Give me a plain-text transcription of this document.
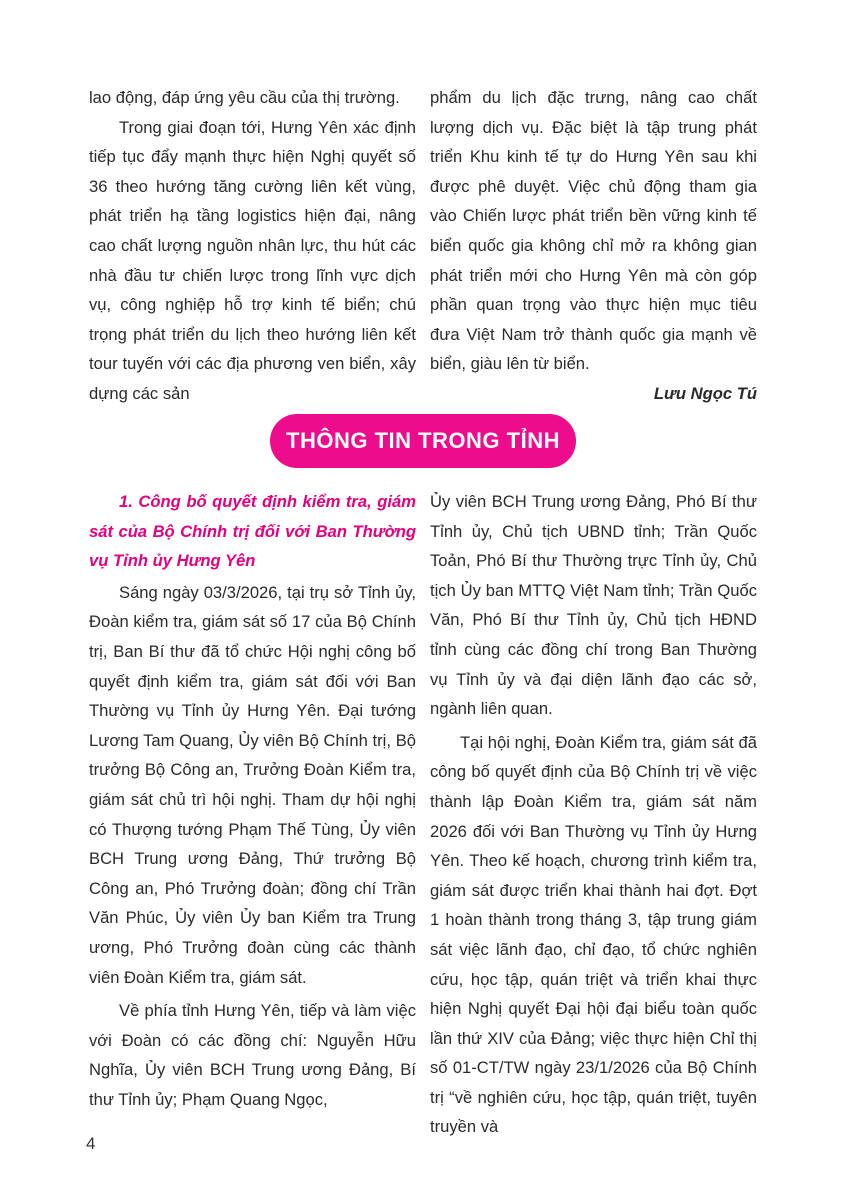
lao động, đáp ứng yêu cầu của thị trường.

Trong giai đoạn tới, Hưng Yên xác định tiếp tục đẩy mạnh thực hiện Nghị quyết số 36 theo hướng tăng cường liên kết vùng, phát triển hạ tầng logistics hiện đại, nâng cao chất lượng nguồn nhân lực, thu hút các nhà đầu tư chiến lược trong lĩnh vực dịch vụ, công nghiệp hỗ trợ kinh tế biển; chú trọng phát triển du lịch theo hướng liên kết tour tuyến với các địa phương ven biển, xây dựng các sản

phẩm du lịch đặc trưng, nâng cao chất lượng dịch vụ. Đặc biệt là tập trung phát triển Khu kinh tế tự do Hưng Yên sau khi được phê duyệt. Việc chủ động tham gia vào Chiến lược phát triển bền vững kinh tế biển quốc gia không chỉ mở ra không gian phát triển mới cho Hưng Yên mà còn góp phần quan trọng vào thực hiện mục tiêu đưa Việt Nam trở thành quốc gia mạnh về biển, giàu lên từ biển.

Lưu Ngọc Tú

THÔNG TIN TRONG TỈNH

1. Công bố quyết định kiểm tra, giám sát của Bộ Chính trị đối với Ban Thường vụ Tỉnh ủy Hưng Yên

Sáng ngày 03/3/2026, tại trụ sở Tỉnh ủy, Đoàn kiểm tra, giám sát số 17 của Bộ Chính trị, Ban Bí thư đã tổ chức Hội nghị công bố quyết định kiểm tra, giám sát đối với Ban Thường vụ Tỉnh ủy Hưng Yên. Đại tướng Lương Tam Quang, Ủy viên Bộ Chính trị, Bộ trưởng Bộ Công an, Trưởng Đoàn Kiểm tra, giám sát chủ trì hội nghị. Tham dự hội nghị có Thượng tướng Phạm Thế Tùng, Ủy viên BCH Trung ương Đảng, Thứ trưởng Bộ Công an, Phó Trưởng đoàn; đồng chí Trần Văn Phúc, Ủy viên Ủy ban Kiểm tra Trung ương, Phó Trưởng đoàn cùng các thành viên Đoàn Kiểm tra, giám sát.

Về phía tỉnh Hưng Yên, tiếp và làm việc với Đoàn có các đồng chí: Nguyễn Hữu Nghĩa, Ủy viên BCH Trung ương Đảng, Bí thư Tỉnh ủy; Phạm Quang Ngọc,

Ủy viên BCH Trung ương Đảng, Phó Bí thư Tỉnh ủy, Chủ tịch UBND tỉnh; Trần Quốc Toản, Phó Bí thư Thường trực Tỉnh ủy, Chủ tịch Ủy ban MTTQ Việt Nam tỉnh; Trần Quốc Văn, Phó Bí thư Tỉnh ủy, Chủ tịch HĐND tỉnh cùng các đồng chí trong Ban Thường vụ Tỉnh ủy và đại diện lãnh đạo các sở, ngành liên quan.

Tại hội nghị, Đoàn Kiểm tra, giám sát đã công bố quyết định của Bộ Chính trị về việc thành lập Đoàn Kiểm tra, giám sát năm 2026 đối với Ban Thường vụ Tỉnh ủy Hưng Yên. Theo kế hoạch, chương trình kiểm tra, giám sát được triển khai thành hai đợt. Đợt 1 hoàn thành trong tháng 3, tập trung giám sát việc lãnh đạo, chỉ đạo, tổ chức nghiên cứu, học tập, quán triệt và triển khai thực hiện Nghị quyết Đại hội đại biểu toàn quốc lần thứ XIV của Đảng; việc thực hiện Chỉ thị số 01-CT/TW ngày 23/1/2026 của Bộ Chính trị “về nghiên cứu, học tập, quán triệt, tuyên truyền và

4
